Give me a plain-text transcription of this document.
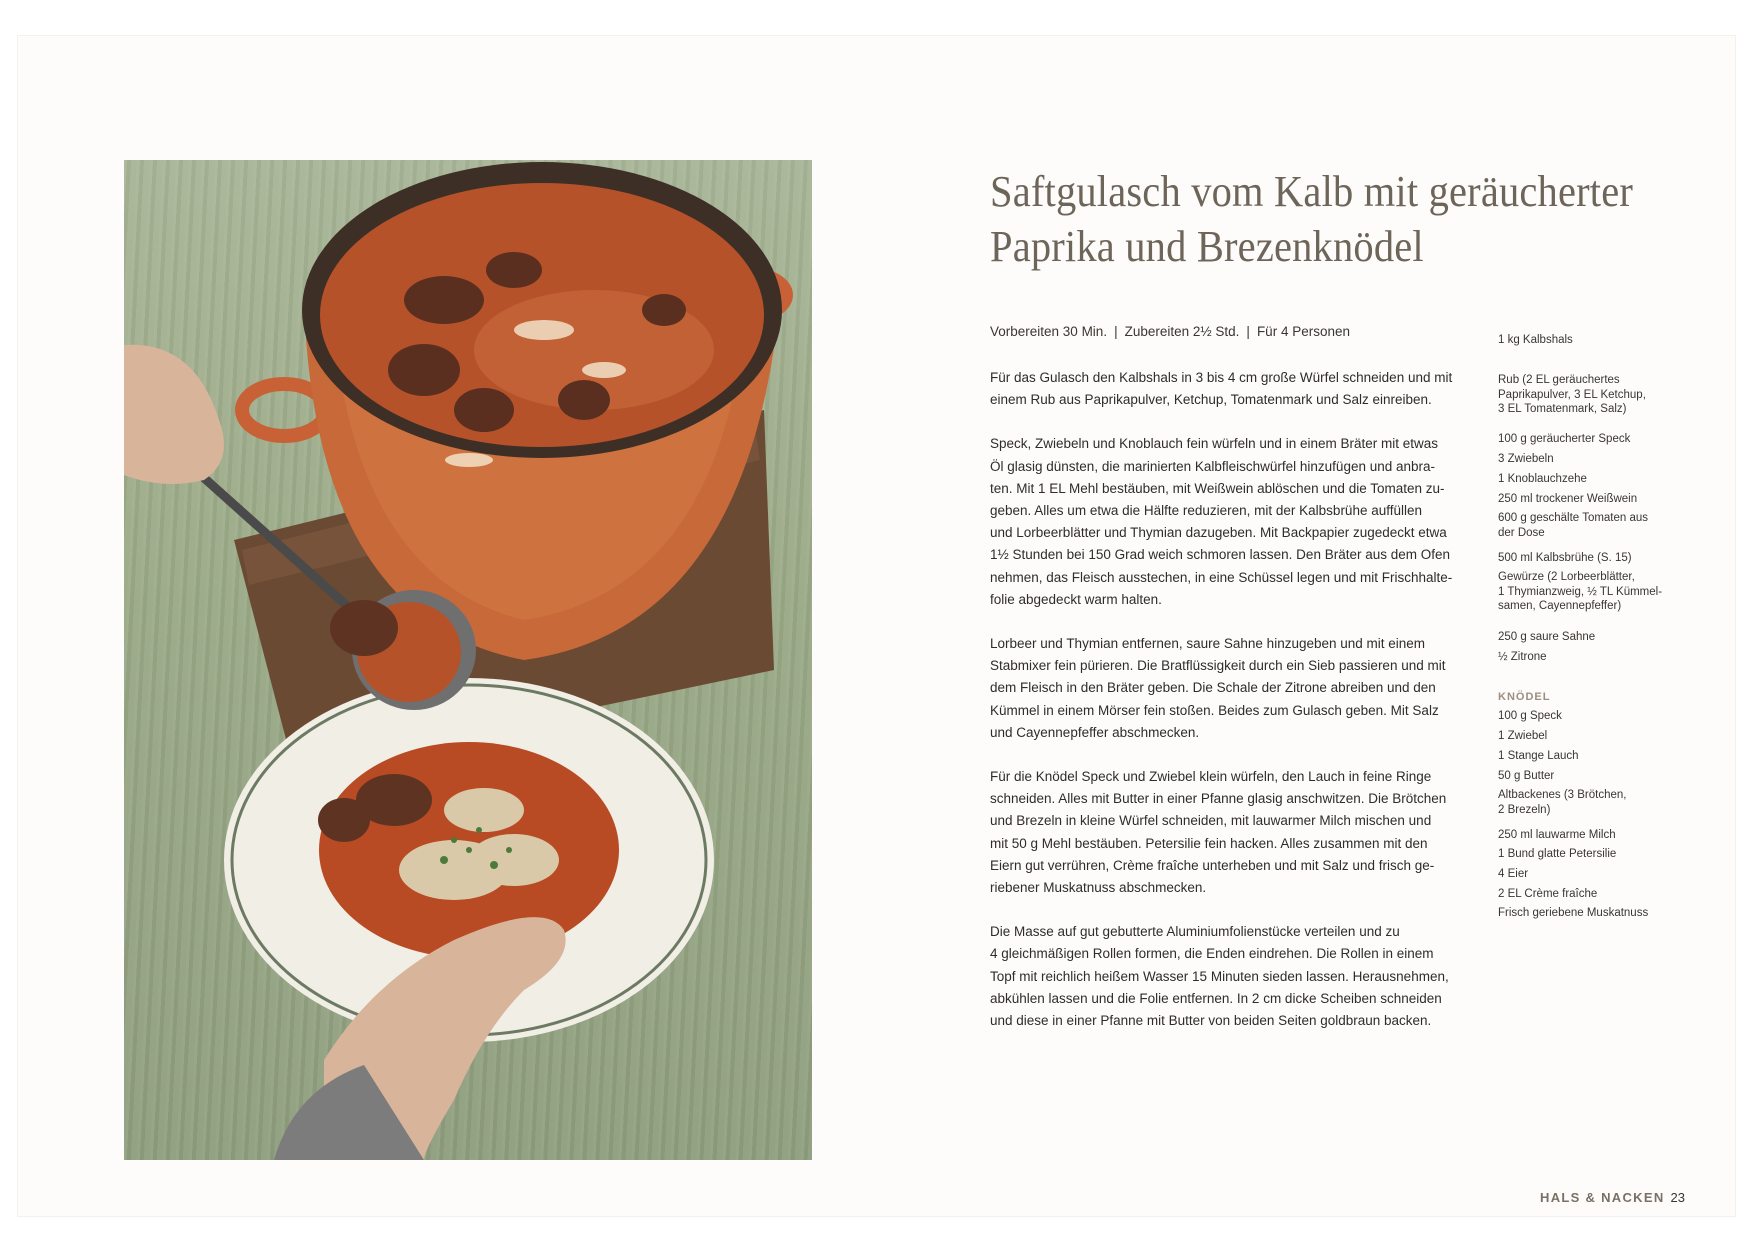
Saftgulasch vom Kalb mit geräucherter
Paprika und Brezenknödel
Vorbereiten 30 Min. | Zubereiten 2½ Std. | Für 4 Personen

Für das Gulasch den Kalbshals in 3 bis 4 cm große Würfel schneiden und mit
einem Rub aus Paprikapulver, Ketchup, Tomatenmark und Salz einreiben.

Speck, Zwiebeln und Knoblauch fein würfeln und in einem Bräter mit etwas
Öl glasig dünsten, die marinierten Kalbfleischwürfel hinzufügen und anbra-
ten. Mit 1 EL Mehl bestäuben, mit Weißwein ablöschen und die Tomaten zu-
geben. Alles um etwa die Hälfte reduzieren, mit der Kalbsbrühe auffüllen
und Lorbeerblätter und Thymian dazugeben. Mit Backpapier zugedeckt etwa
1½ Stunden bei 150 Grad weich schmoren lassen. Den Bräter aus dem Ofen
nehmen, das Fleisch ausstechen, in eine Schüssel legen und mit Frischhalte-
folie abgedeckt warm halten.

Lorbeer und Thymian entfernen, saure Sahne hinzugeben und mit einem
Stabmixer fein pürieren. Die Bratflüssigkeit durch ein Sieb passieren und mit
dem Fleisch in den Bräter geben. Die Schale der Zitrone abreiben und den
Kümmel in einem Mörser fein stoßen. Beides zum Gulasch geben. Mit Salz
und Cayennepfeffer abschmecken.

Für die Knödel Speck und Zwiebel klein würfeln, den Lauch in feine Ringe
schneiden. Alles mit Butter in einer Pfanne glasig anschwitzen. Die Brötchen
und Brezeln in kleine Würfel schneiden, mit lauwarmer Milch mischen und
mit 50 g Mehl bestäuben. Petersilie fein hacken. Alles zusammen mit den
Eiern gut verrühren, Crème fraîche unterheben und mit Salz und frisch ge-
riebener Muskatnuss abschmecken.

Die Masse auf gut gebutterte Aluminiumfolienstücke verteilen und zu
4 gleichmäßigen Rollen formen, die Enden eindrehen. Die Rollen in einem
Topf mit reichlich heißem Wasser 15 Minuten sieden lassen. Herausnehmen,
abkühlen lassen und die Folie entfernen. In 2 cm dicke Scheiben schneiden
und diese in einer Pfanne mit Butter von beiden Seiten goldbraun backen.

1 kg Kalbshals
Rub (2 EL geräuchertes
Paprikapulver, 3 EL Ketchup,
3 EL Tomatenmark, Salz)
100 g geräucherter Speck
3 Zwiebeln
1 Knoblauchzehe
250 ml trockener Weißwein
600 g geschälte Tomaten aus
der Dose
500 ml Kalbsbrühe (S. 15)
Gewürze (2 Lorbeerblätter,
1 Thymianzweig, ½ TL Kümmel-
samen, Cayennepfeffer)
250 g saure Sahne
½ Zitrone
KNÖDEL
100 g Speck
1 Zwiebel
1 Stange Lauch
50 g Butter
Altbackenes (3 Brötchen,
2 Brezeln)
250 ml lauwarme Milch
1 Bund glatte Petersilie
4 Eier
2 EL Crème fraîche
Frisch geriebene Muskatnuss
HALS & NACKEN 23
